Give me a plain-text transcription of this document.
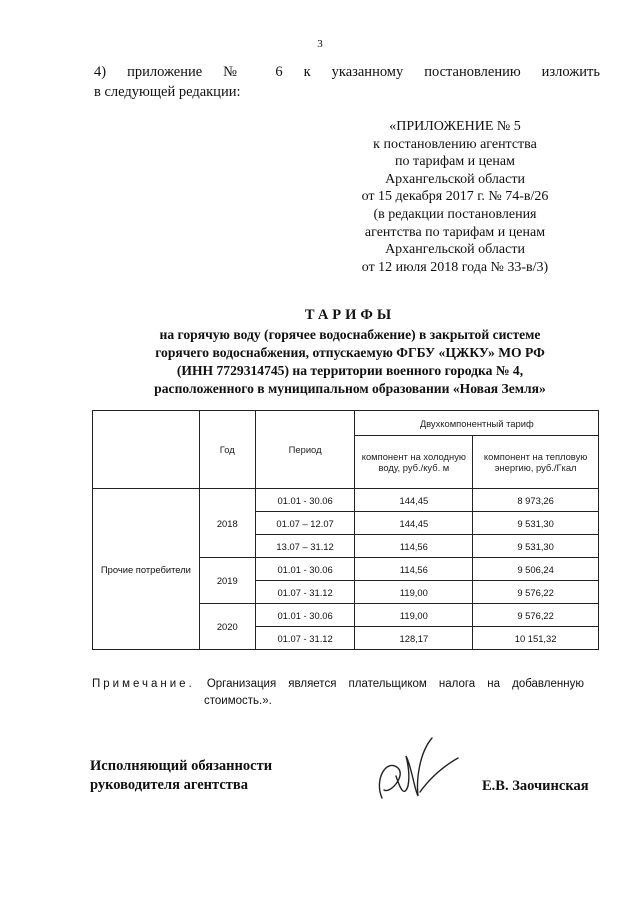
3
4) приложение № 6 к указанному постановлению изложить
в следующей редакции:
«ПРИЛОЖЕНИЕ № 5
к постановлению агентства
по тарифам и ценам
Архангельской области
от 15 декабря 2017 г. № 74-в/26
(в редакции постановления
агентства по тарифам и ценам
Архангельской области
от 12 июля 2018 года № 33-в/3)
ТАРИФЫ
на горячую воду (горячее водоснабжение) в закрытой системе
горячего водоснабжения, отпускаемую ФГБУ «ЦЖКУ» МО РФ
(ИНН 7729314745) на территории военного городка № 4,
расположенного в муниципальном образовании «Новая Земля»
	Год	Период	Двухкомпонентный тариф	
			компонент на холодную воду, руб./куб. м	компонент на тепловую энергию, руб./Гкал
Прочие потребители	2018	01.01 - 30.06	144,45	8 973,26
		01.07 – 12.07	144,45	9 531,30
		13.07 – 31.12	114,56	9 531,30
	2019	01.01 - 30.06	114,56	9 506,24
		01.07 - 31.12	119,00	9 576,22
	2020	01.01 - 30.06	119,00	9 576,22
		01.07 - 31.12	128,17	10 151,32
Примечание. Организация является плательщиком налога на добавленную
стоимость.».
Исполняющий обязанности
руководителя агентства	Е.В. Заочинская
